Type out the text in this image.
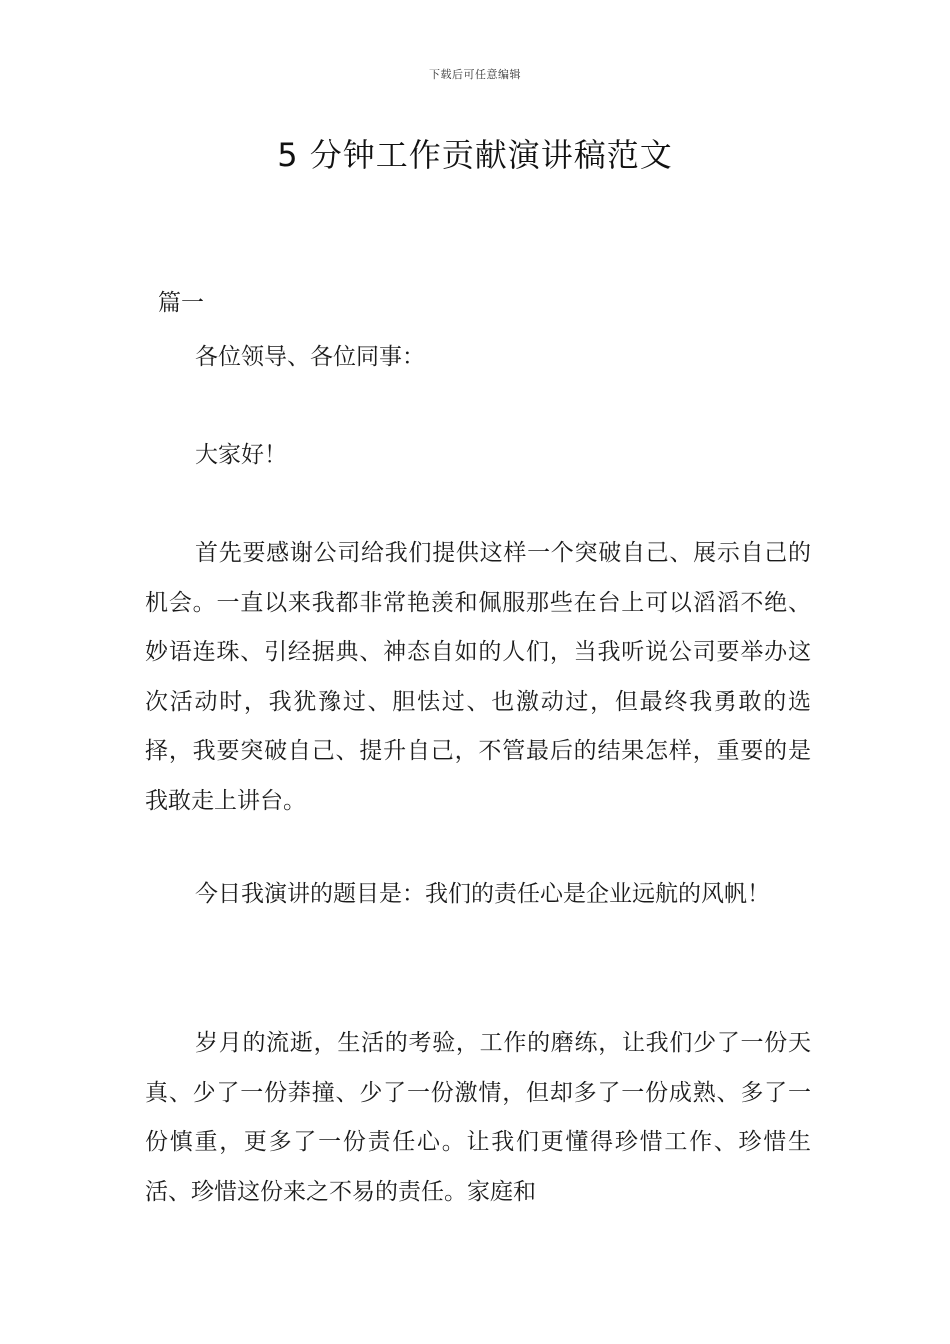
下载后可任意编辑
5 分钟工作贡献演讲稿范文

篇一

各位领导、各位同事：

大家好！

首先要感谢公司给我们提供这样一个突破自己、展示自己的机会。一直以来我都非常艳羡和佩服那些在台上可以滔滔不绝、妙语连珠、引经据典、神态自如的人们，当我听说公司要举办这次活动时，我犹豫过、胆怯过、也激动过，但最终我勇敢的选择，我要突破自己、提升自己，不管最后的结果怎样，重要的是我敢走上讲台。

今日我演讲的题目是：我们的责任心是企业远航的风帆！

岁月的流逝，生活的考验，工作的磨练，让我们少了一份天真、少了一份莽撞、少了一份激情，但却多了一份成熟、多了一份慎重，更多了一份责任心。让我们更懂得珍惜工作、珍惜生活、珍惜这份来之不易的责任。家庭和
